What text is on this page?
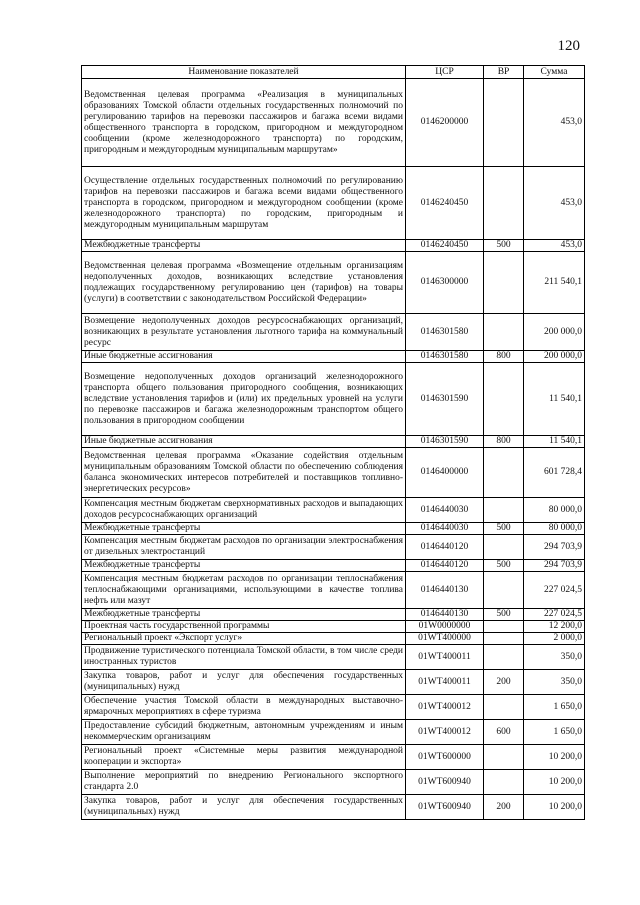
120
Наименование показателей	ЦСР	ВР	Сумма
Ведомственная целевая программа «Реализация в муниципальных образованиях Томской области отдельных государственных полномочий по регулированию тарифов на перевозки пассажиров и багажа всеми видами общественного транспорта в городском, пригородном и междугородном сообщении (кроме железнодорожного транспорта) по городским, пригородным и междугородным муниципальным маршрутам»	0146200000		453,0
Осуществление отдельных государственных полномочий по регулированию тарифов на перевозки пассажиров и багажа всеми видами общественного транспорта в городском, пригородном и междугородном сообщении (кроме железнодорожного транспорта) по городским, пригородным и междугородным муниципальным маршрутам	0146240450		453,0
Межбюджетные трансферты	0146240450	500	453,0
Ведомственная целевая программа «Возмещение отдельным организациям недополученных доходов, возникающих вследствие установления подлежащих государственному регулированию цен (тарифов) на товары (услуги) в соответствии с законодательством Российской Федерации»	0146300000		211 540,1
Возмещение недополученных доходов ресурсоснабжающих организаций, возникающих в результате установления льготного тарифа на коммунальный ресурс	0146301580		200 000,0
Иные бюджетные ассигнования	0146301580	800	200 000,0
Возмещение недополученных доходов организаций железнодорожного транспорта общего пользования пригородного сообщения, возникающих вследствие установления тарифов и (или) их предельных уровней на услуги по перевозке пассажиров и багажа железнодорожным транспортом общего пользования в пригородном сообщении	0146301590		11 540,1
Иные бюджетные ассигнования	0146301590	800	11 540,1
Ведомственная целевая программа «Оказание содействия отдельным муниципальным образованиям Томской области по обеспечению соблюдения баланса экономических интересов потребителей и поставщиков топливно-энергетических ресурсов»	0146400000		601 728,4
Компенсация местным бюджетам сверхнормативных расходов и выпадающих доходов ресурсоснабжающих организаций	0146440030		80 000,0
Межбюджетные трансферты	0146440030	500	80 000,0
Компенсация местным бюджетам расходов по организации электроснабжения от дизельных электростанций	0146440120		294 703,9
Межбюджетные трансферты	0146440120	500	294 703,9
Компенсация местным бюджетам расходов по организации теплоснабжения теплоснабжающими организациями, использующими в качестве топлива нефть или мазут	0146440130		227 024,5
Межбюджетные трансферты	0146440130	500	227 024,5
Проектная часть государственной программы	01W0000000		12 200,0
Региональный проект «Экспорт услуг»	01WT400000		2 000,0
Продвижение туристического потенциала Томской области, в том числе среди иностранных туристов	01WT400011		350,0
Закупка товаров, работ и услуг для обеспечения государственных (муниципальных) нужд	01WT400011	200	350,0
Обеспечение участия Томской области в международных выставочно-ярмарочных мероприятиях в сфере туризма	01WT400012		1 650,0
Предоставление субсидий бюджетным, автономным учреждениям и иным некоммерческим организациям	01WT400012	600	1 650,0
Региональный проект «Системные меры развития международной кооперации и экспорта»	01WT600000		10 200,0
Выполнение мероприятий по внедрению Регионального экспортного стандарта 2.0	01WT600940		10 200,0
Закупка товаров, работ и услуг для обеспечения государственных (муниципальных) нужд	01WT600940	200	10 200,0
